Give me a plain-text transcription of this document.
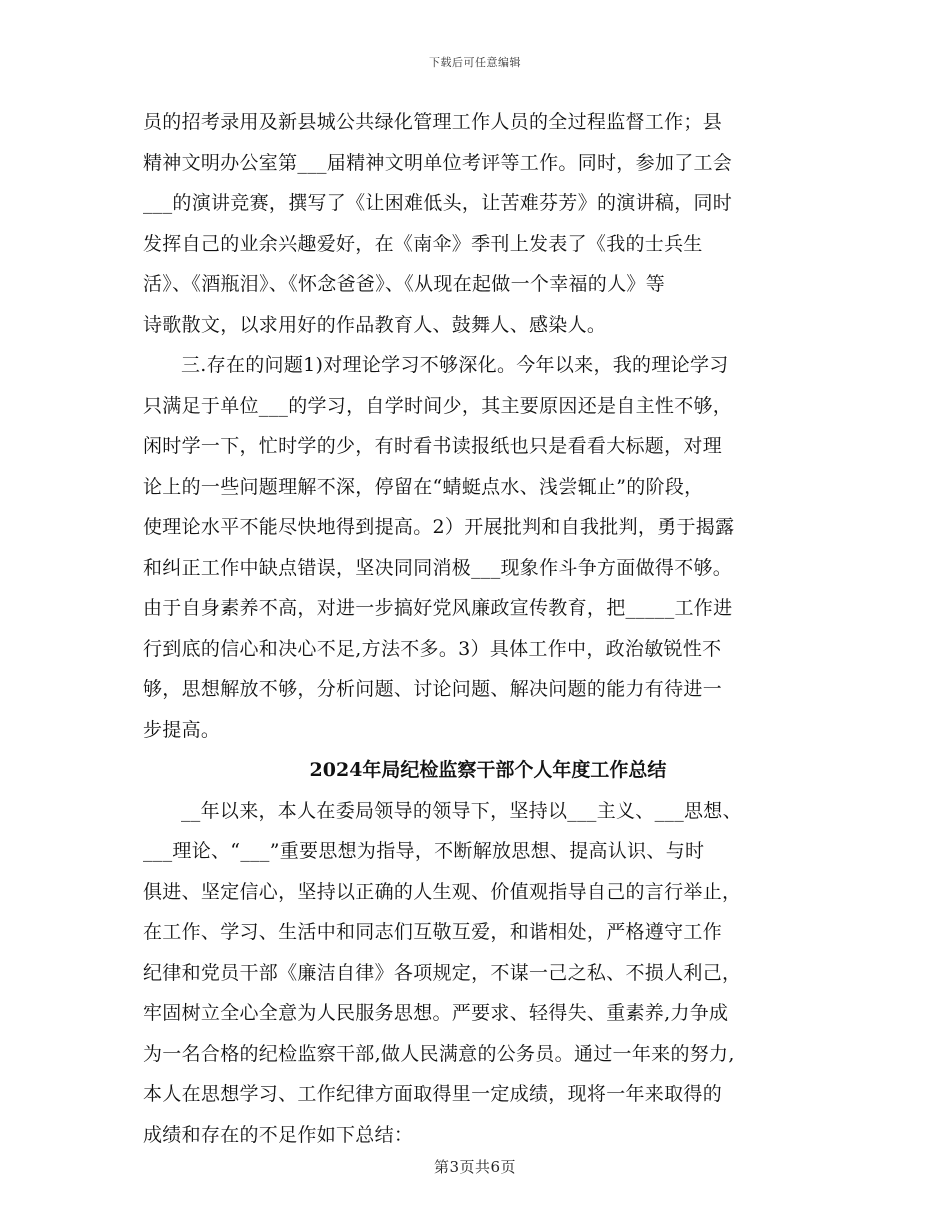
下载后可任意编辑
员的招考录用及新县城公共绿化管理工作人员的全过程监督工作；县
精神文明办公室第___届精神文明单位考评等工作。同时，参加了工会
___的演讲竞赛，撰写了《让困难低头，让苦难芬芳》的演讲稿，同时
发挥自己的业余兴趣爱好，在《南伞》季刊上发表了《我的士兵生
活》、《酒瓶泪》、《怀念爸爸》、《从现在起做一个幸福的人》等
诗歌散文，以求用好的作品教育人、鼓舞人、感染人。
三.存在的问题1)对理论学习不够深化。今年以来，我的理论学习
只满足于单位___的学习，自学时间少，其主要原因还是自主性不够，
闲时学一下，忙时学的少，有时看书读报纸也只是看看大标题，对理
论上的一些问题理解不深，停留在“蜻蜓点水、浅尝辄止”的阶段，
使理论水平不能尽快地得到提高。2）开展批判和自我批判，勇于揭露
和纠正工作中缺点错误，坚决同同消极___现象作斗争方面做得不够。
由于自身素养不高，对进一步搞好党风廉政宣传教育，把_____工作进
行到底的信心和决心不足,方法不多。3）具体工作中，政治敏锐性不
够，思想解放不够，分析问题、讨论问题、解决问题的能力有待进一
步提高。
2024年局纪检监察干部个人年度工作总结
__年以来，本人在委局领导的领导下，坚持以___主义、___思想、
___理论、“___”重要思想为指导，不断解放思想、提高认识、与时
俱进、坚定信心，坚持以正确的人生观、价值观指导自己的言行举止，
在工作、学习、生活中和同志们互敬互爱，和谐相处，严格遵守工作
纪律和党员干部《廉洁自律》各项规定，不谋一己之私、不损人利己，
牢固树立全心全意为人民服务思想。严要求、轻得失、重素养,力争成
为一名合格的纪检监察干部,做人民满意的公务员。通过一年来的努力,
本人在思想学习、工作纪律方面取得里一定成绩，现将一年来取得的
成绩和存在的不足作如下总结：
第3页共6页
